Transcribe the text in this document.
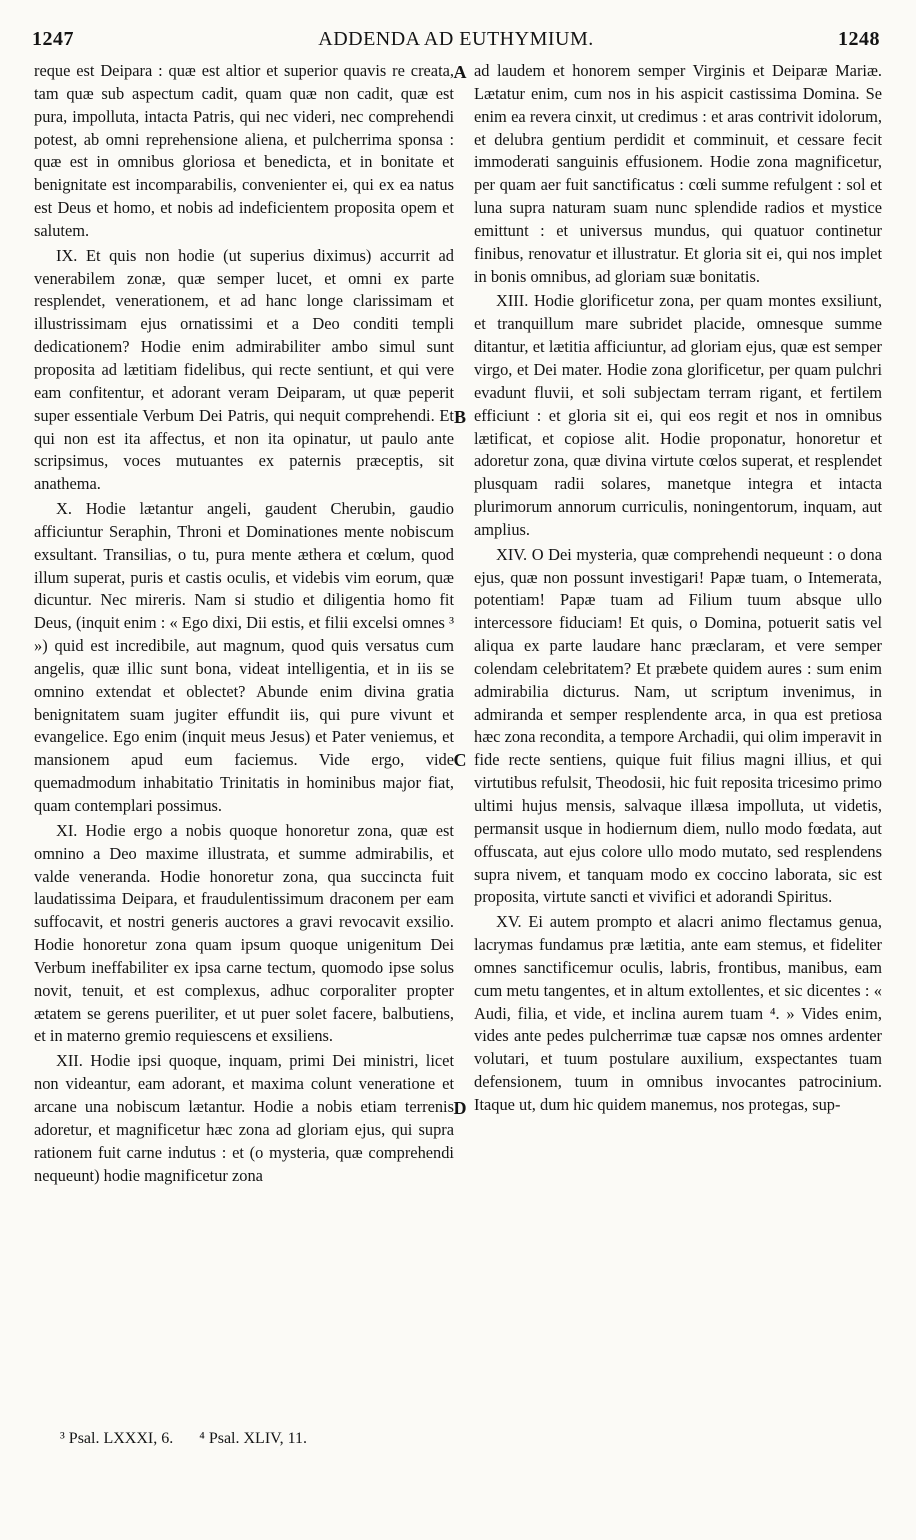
1247	ADDENDA AD EUTHYMIUM.	1248

reque est Deipara : quæ est altior et superior quavis re creata, tam quæ sub aspectum cadit, quam quæ non cadit, quæ est pura, impolluta, intacta Patris, qui nec videri, nec comprehendi potest, ab omni reprehensione aliena, et pulcherrima sponsa : quæ est in omnibus gloriosa et benedicta, et in bonitate et benignitate est incomparabilis, convenienter ei, qui ex ea natus est Deus et homo, et nobis ad indeficientem proposita opem et salutem.

IX. Et quis non hodie (ut superius diximus) accurrit ad venerabilem zonæ, quæ semper lucet, et omni ex parte resplendet, venerationem, et ad hanc longe clarissimam et illustrissimam ejus ornatissimi et a Deo conditi templi dedicationem? Hodie enim admirabiliter ambo simul sunt proposita ad lætitiam fidelibus, qui recte sentiunt, et qui vere eam confitentur, et adorant veram Deiparam, ut quæ peperit super essentiale Verbum Dei Patris, qui nequit comprehendi. Et qui non est ita affectus, et non ita opinatur, ut paulo ante scripsimus, voces mutuantes ex paternis præceptis, sit anathema.

X. Hodie lætantur angeli, gaudent Cherubin, gaudio afficiuntur Seraphin, Throni et Dominationes mente nobiscum exsultant. Transilias, o tu, pura mente æthera et cœlum, quod illum superat, puris et castis oculis, et videbis vim eorum, quæ dicuntur. Nec mireris. Nam si studio et diligentia homo fit Deus, (inquit enim : « Ego dixi, Dii estis, et filii excelsi omnes ³ ») quid est incredibile, aut magnum, quod quis versatus cum angelis, quæ illic sunt bona, videat intelligentia, et in iis se omnino extendat et oblectet? Abunde enim divina gratia benignitatem suam jugiter effundit iis, qui pure vivunt et evangelice. Ego enim (inquit meus Jesus) et Pater veniemus, et mansionem apud eum faciemus. Vide ergo, vide quemadmodum inhabitatio Trinitatis in hominibus major fiat, quam contemplari possimus.

XI. Hodie ergo a nobis quoque honoretur zona, quæ est omnino a Deo maxime illustrata, et summe admirabilis, et valde veneranda. Hodie honoretur zona, qua succincta fuit laudatissima Deipara, et fraudulentissimum draconem per eam suffocavit, et nostri generis auctores a gravi revocavit exsilio. Hodie honoretur zona quam ipsum quoque unigenitum Dei Verbum ineffabiliter ex ipsa carne tectum, quomodo ipse solus novit, tenuit, et est complexus, adhuc corporaliter propter ætatem se gerens pueriliter, et ut puer solet facere, balbutiens, et in materno gremio requiescens et exsiliens.

XII. Hodie ipsi quoque, inquam, primi Dei ministri, licet non videantur, eam adorant, et maxima colunt veneratione et arcane una nobiscum lætantur. Hodie a nobis etiam terrenis adoretur, et magnificetur hæc zona ad gloriam ejus, qui supra rationem fuit carne indutus : et (o mysteria, quæ comprehendi nequeunt) hodie magnificetur zona

A
B
C
D

ad laudem et honorem semper Virginis et Deiparæ Mariæ. Lætatur enim, cum nos in his aspicit castissima Domina. Se enim ea revera cinxit, ut credimus : et aras contrivit idolorum, et delubra gentium perdidit et comminuit, et cessare fecit immoderati sanguinis effusionem. Hodie zona magnificetur, per quam aer fuit sanctificatus : cœli summe refulgent : sol et luna supra naturam suam nunc splendide radios et mystice emittunt : et universus mundus, qui quatuor continetur finibus, renovatur et illustratur. Et gloria sit ei, qui nos implet in bonis omnibus, ad gloriam suæ bonitatis.

XIII. Hodie glorificetur zona, per quam montes exsiliunt, et tranquillum mare subridet placide, omnesque summe ditantur, et lætitia afficiuntur, ad gloriam ejus, quæ est semper virgo, et Dei mater. Hodie zona glorificetur, per quam pulchri evadunt fluvii, et soli subjectam terram rigant, et fertilem efficiunt : et gloria sit ei, qui eos regit et nos in omnibus lætificat, et copiose alit. Hodie proponatur, honoretur et adoretur zona, quæ divina virtute cœlos superat, et resplendet plusquam radii solares, manetque integra et intacta plurimorum annorum curriculis, noningentorum, inquam, aut amplius.

XIV. O Dei mysteria, quæ comprehendi nequeunt : o dona ejus, quæ non possunt investigari! Papæ tuam, o Intemerata, potentiam! Papæ tuam ad Filium tuum absque ullo intercessore fiduciam! Et quis, o Domina, potuerit satis vel aliqua ex parte laudare hanc præclaram, et vere semper colendam celebritatem? Et præbete quidem aures : sum enim admirabilia dicturus. Nam, ut scriptum invenimus, in admiranda et semper resplendente arca, in qua est pretiosa hæc zona recondita, a tempore Archadii, qui olim imperavit in fide recte sentiens, quique fuit filius magni illius, et qui virtutibus refulsit, Theodosii, hic fuit reposita tricesimo primo ultimi hujus mensis, salvaque illæsa impolluta, ut videtis, permansit usque in hodiernum diem, nullo modo fœdata, aut offuscata, aut ejus colore ullo modo mutato, sed resplendens supra nivem, et tanquam modo ex coccino laborata, sic est proposita, virtute sancti et vivifici et adorandi Spiritus.

XV. Ei autem prompto et alacri animo flectamus genua, lacrymas fundamus præ lætitia, ante eam stemus, et fideliter omnes sanctificemur oculis, labris, frontibus, manibus, eam cum metu tangentes, et in altum extollentes, et sic dicentes : « Audi, filia, et vide, et inclina aurem tuam ⁴. » Vides enim, vides ante pedes pulcherrimæ tuæ capsæ nos omnes ardenter volutari, et tuum postulare auxilium, exspectantes tuam defensionem, tuum in omnibus invocantes patrocinium. Itaque ut, dum hic quidem manemus, nos protegas, sup-

³ Psal. LXXXI, 6. ⁴ Psal. XLIV, 11.
